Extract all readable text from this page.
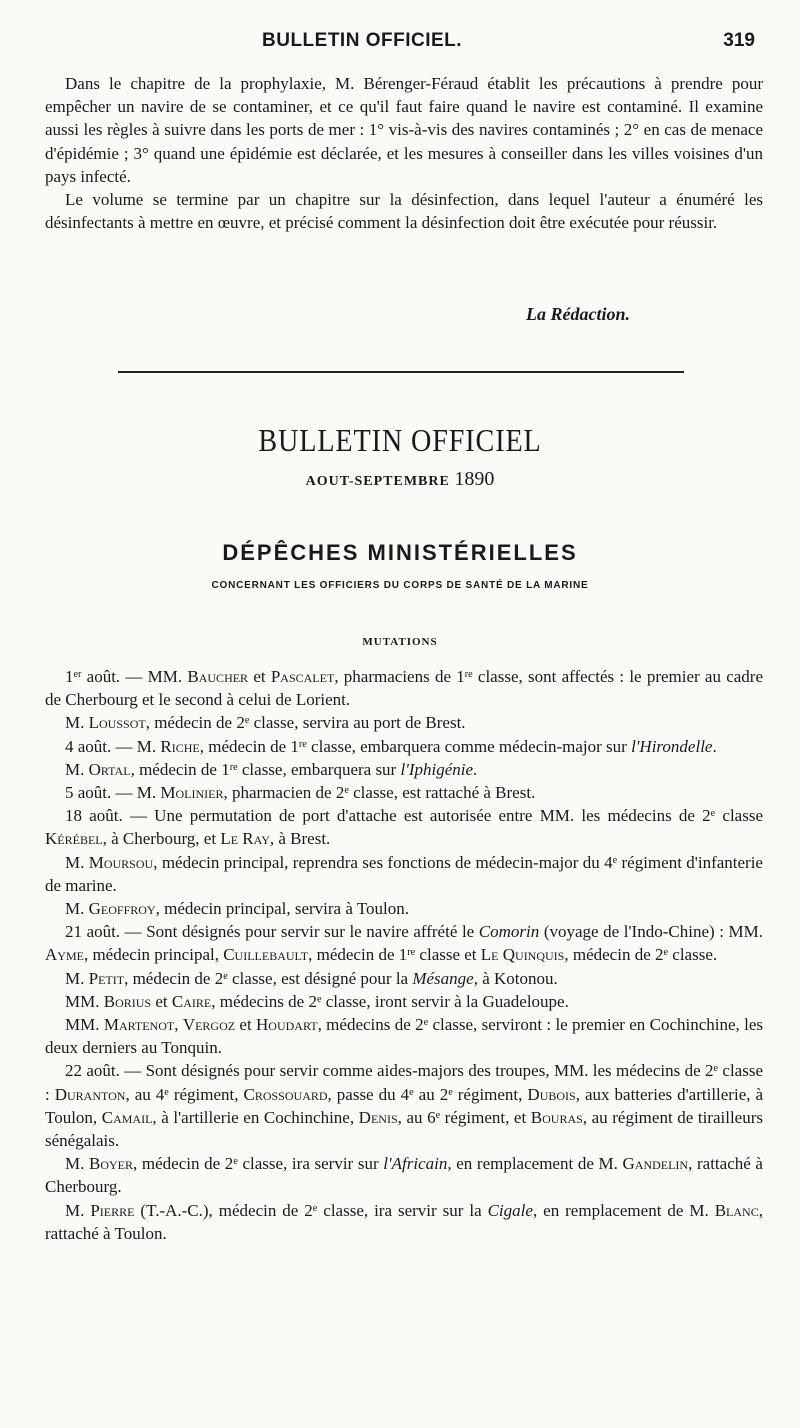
BULLETIN OFFICIEL.	319

Dans le chapitre de la prophylaxie, M. Bérenger-Féraud établit les précautions à prendre pour empêcher un navire de se contaminer, et ce qu'il faut faire quand le navire est contaminé. Il examine aussi les règles à suivre dans les ports de mer : 1° vis-à-vis des navires contaminés ; 2° en cas de menace d'épidémie ; 3° quand une épidémie est déclarée, et les mesures à conseiller dans les villes voisines d'un pays infecté.

Le volume se termine par un chapitre sur la désinfection, dans lequel l'auteur a énuméré les désinfectants à mettre en œuvre, et précisé comment la désinfection doit être exécutée pour réussir.

La Rédaction.
BULLETIN OFFICIEL
AOUT-SEPTEMBRE 1890
DÉPÊCHES MINISTÉRIELLES
CONCERNANT LES OFFICIERS DU CORPS DE SANTÉ DE LA MARINE
MUTATIONS

1er août. — MM. Baucher et Pascalet, pharmaciens de 1re classe, sont affectés : le premier au cadre de Cherbourg et le second à celui de Lorient.

M. Loussot, médecin de 2e classe, servira au port de Brest.

4 août. — M. Riche, médecin de 1re classe, embarquera comme médecin-major sur l'Hirondelle.

M. Ortal, médecin de 1re classe, embarquera sur l'Iphigénie.

5 août. — M. Molinier, pharmacien de 2e classe, est rattaché à Brest.

18 août. — Une permutation de port d'attache est autorisée entre MM. les médecins de 2e classe Kérébel, à Cherbourg, et Le Ray, à Brest.

M. Moursou, médecin principal, reprendra ses fonctions de médecin-major du 4e régiment d'infanterie de marine.

M. Geoffroy, médecin principal, servira à Toulon.

21 août. — Sont désignés pour servir sur le navire affrété le Comorin (voyage de l'Indo-Chine) : MM. Ayme, médecin principal, Cuillebault, médecin de 1re classe et Le Quinquis, médecin de 2e classe.

M. Petit, médecin de 2e classe, est désigné pour la Mésange, à Kotonou.

MM. Borius et Caire, médecins de 2e classe, iront servir à la Guadeloupe.

MM. Martenot, Vergoz et Houdart, médecins de 2e classe, serviront : le premier en Cochinchine, les deux derniers au Tonquin.

22 août. — Sont désignés pour servir comme aides-majors des troupes, MM. les médecins de 2e classe : Duranton, au 4e régiment, Crossouard, passe du 4e au 2e régiment, Dubois, aux batteries d'artillerie, à Toulon, Camail, à l'artillerie en Cochinchine, Denis, au 6e régiment, et Bouras, au régiment de tirailleurs sénégalais.

M. Boyer, médecin de 2e classe, ira servir sur l'Africain, en remplacement de M. Gandelin, rattaché à Cherbourg.

M. Pierre (T.-A.-C.), médecin de 2e classe, ira servir sur la Cigale, en remplacement de M. Blanc, rattaché à Toulon.
